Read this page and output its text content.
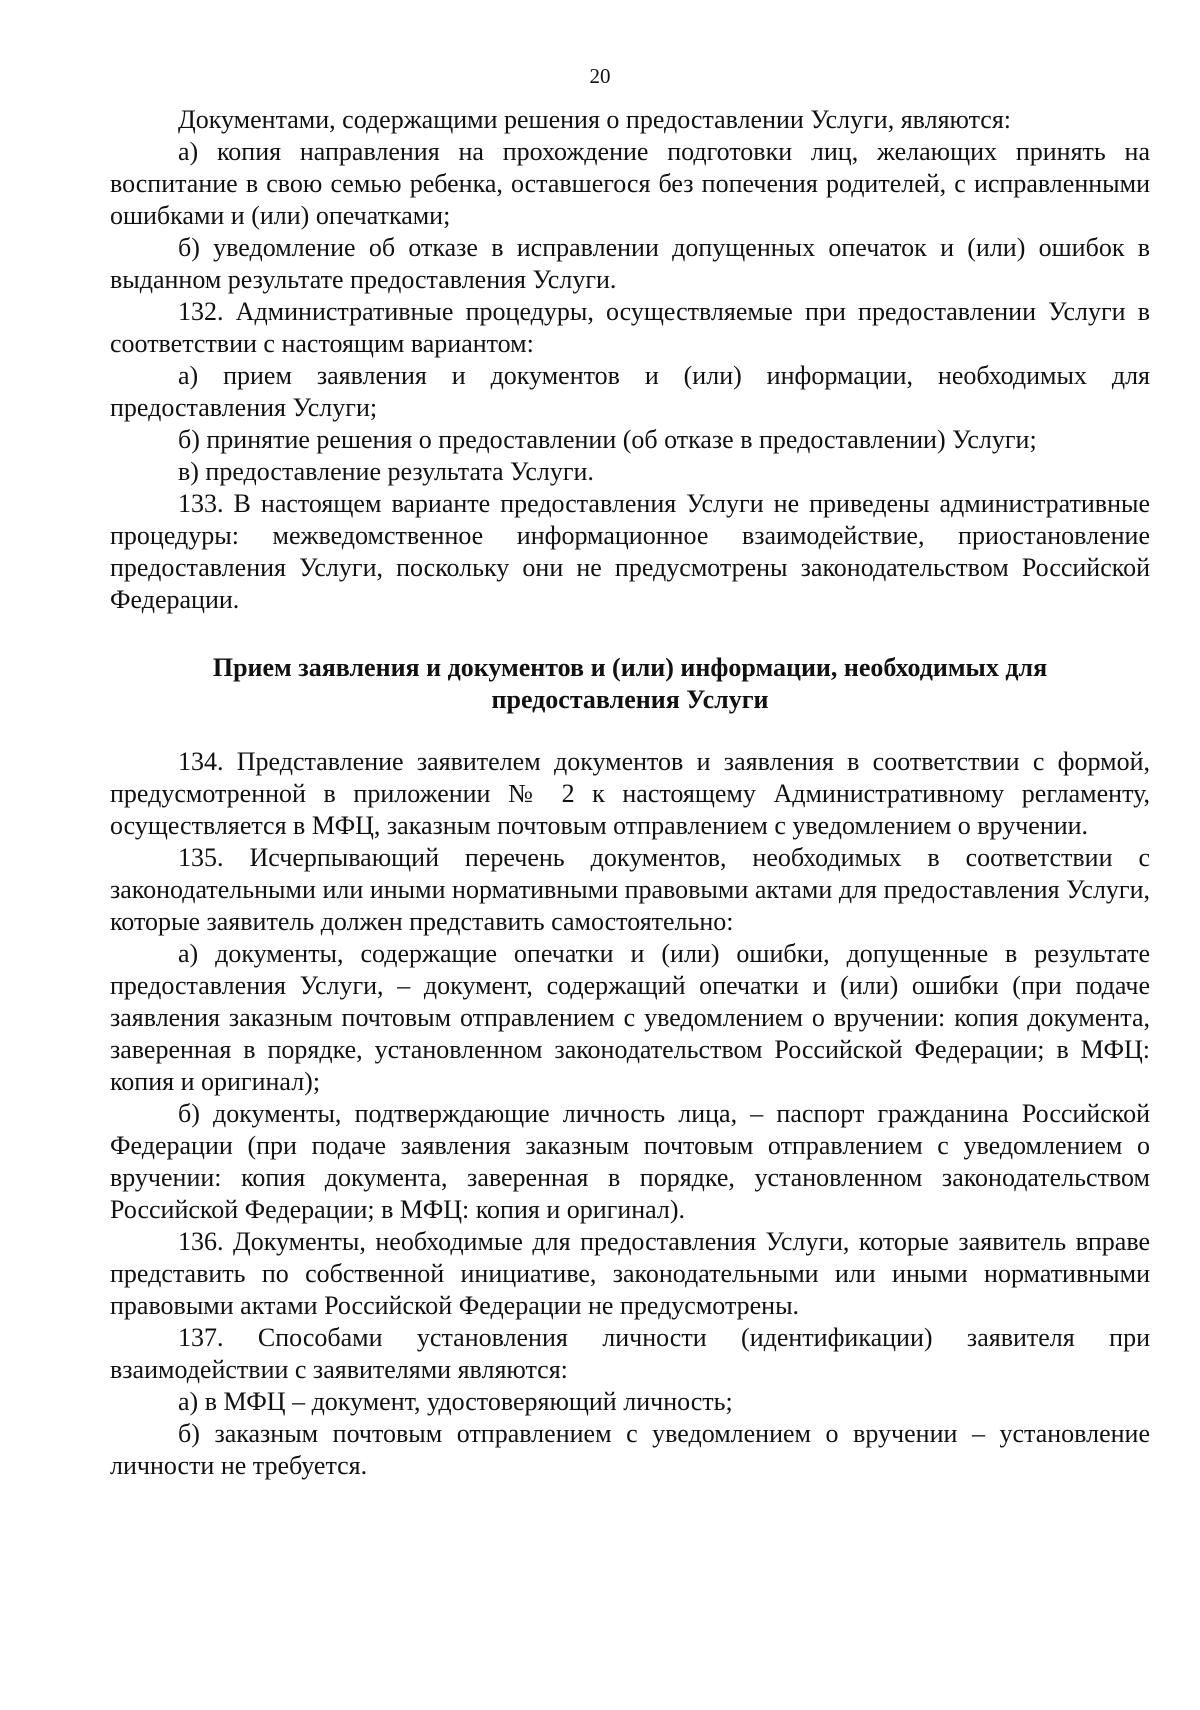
20

Документами, содержащими решения о предоставлении Услуги, являются:

а) копия направления на прохождение подготовки лиц, желающих принять на воспитание в свою семью ребенка, оставшегося без попечения родителей, с исправленными ошибками и (или) опечатками;

б) уведомление об отказе в исправлении допущенных опечаток и (или) ошибок в выданном результате предоставления Услуги.

132. Административные процедуры, осуществляемые при предоставлении Услуги в соответствии с настоящим вариантом:

а) прием заявления и документов и (или) информации, необходимых для предоставления Услуги;

б) принятие решения о предоставлении (об отказе в предоставлении) Услуги;

в) предоставление результата Услуги.

133. В настоящем варианте предоставления Услуги не приведены административные процедуры: межведомственное информационное взаимодействие, приостановление предоставления Услуги, поскольку они не предусмотрены законодательством Российской Федерации.

Прием заявления и документов и (или) информации, необходимых для предоставления Услуги

134. Представление заявителем документов и заявления в соответствии с формой, предусмотренной в приложении № 2 к настоящему Административному регламенту, осуществляется в МФЦ, заказным почтовым отправлением с уведомлением о вручении.

135. Исчерпывающий перечень документов, необходимых в соответствии с законодательными или иными нормативными правовыми актами для предоставления Услуги, которые заявитель должен представить самостоятельно:

а) документы, содержащие опечатки и (или) ошибки, допущенные в результате предоставления Услуги, – документ, содержащий опечатки и (или) ошибки (при подаче заявления заказным почтовым отправлением с уведомлением о вручении: копия документа, заверенная в порядке, установленном законодательством Российской Федерации; в МФЦ: копия и оригинал);

б) документы, подтверждающие личность лица, – паспорт гражданина Российской Федерации (при подаче заявления заказным почтовым отправлением с уведомлением о вручении: копия документа, заверенная в порядке, установленном законодательством Российской Федерации; в МФЦ: копия и оригинал).

136. Документы, необходимые для предоставления Услуги, которые заявитель вправе представить по собственной инициативе, законодательными или иными нормативными правовыми актами Российской Федерации не предусмотрены.

137. Способами установления личности (идентификации) заявителя при взаимодействии с заявителями являются:

а) в МФЦ – документ, удостоверяющий личность;

б) заказным почтовым отправлением с уведомлением о вручении – установление личности не требуется.
